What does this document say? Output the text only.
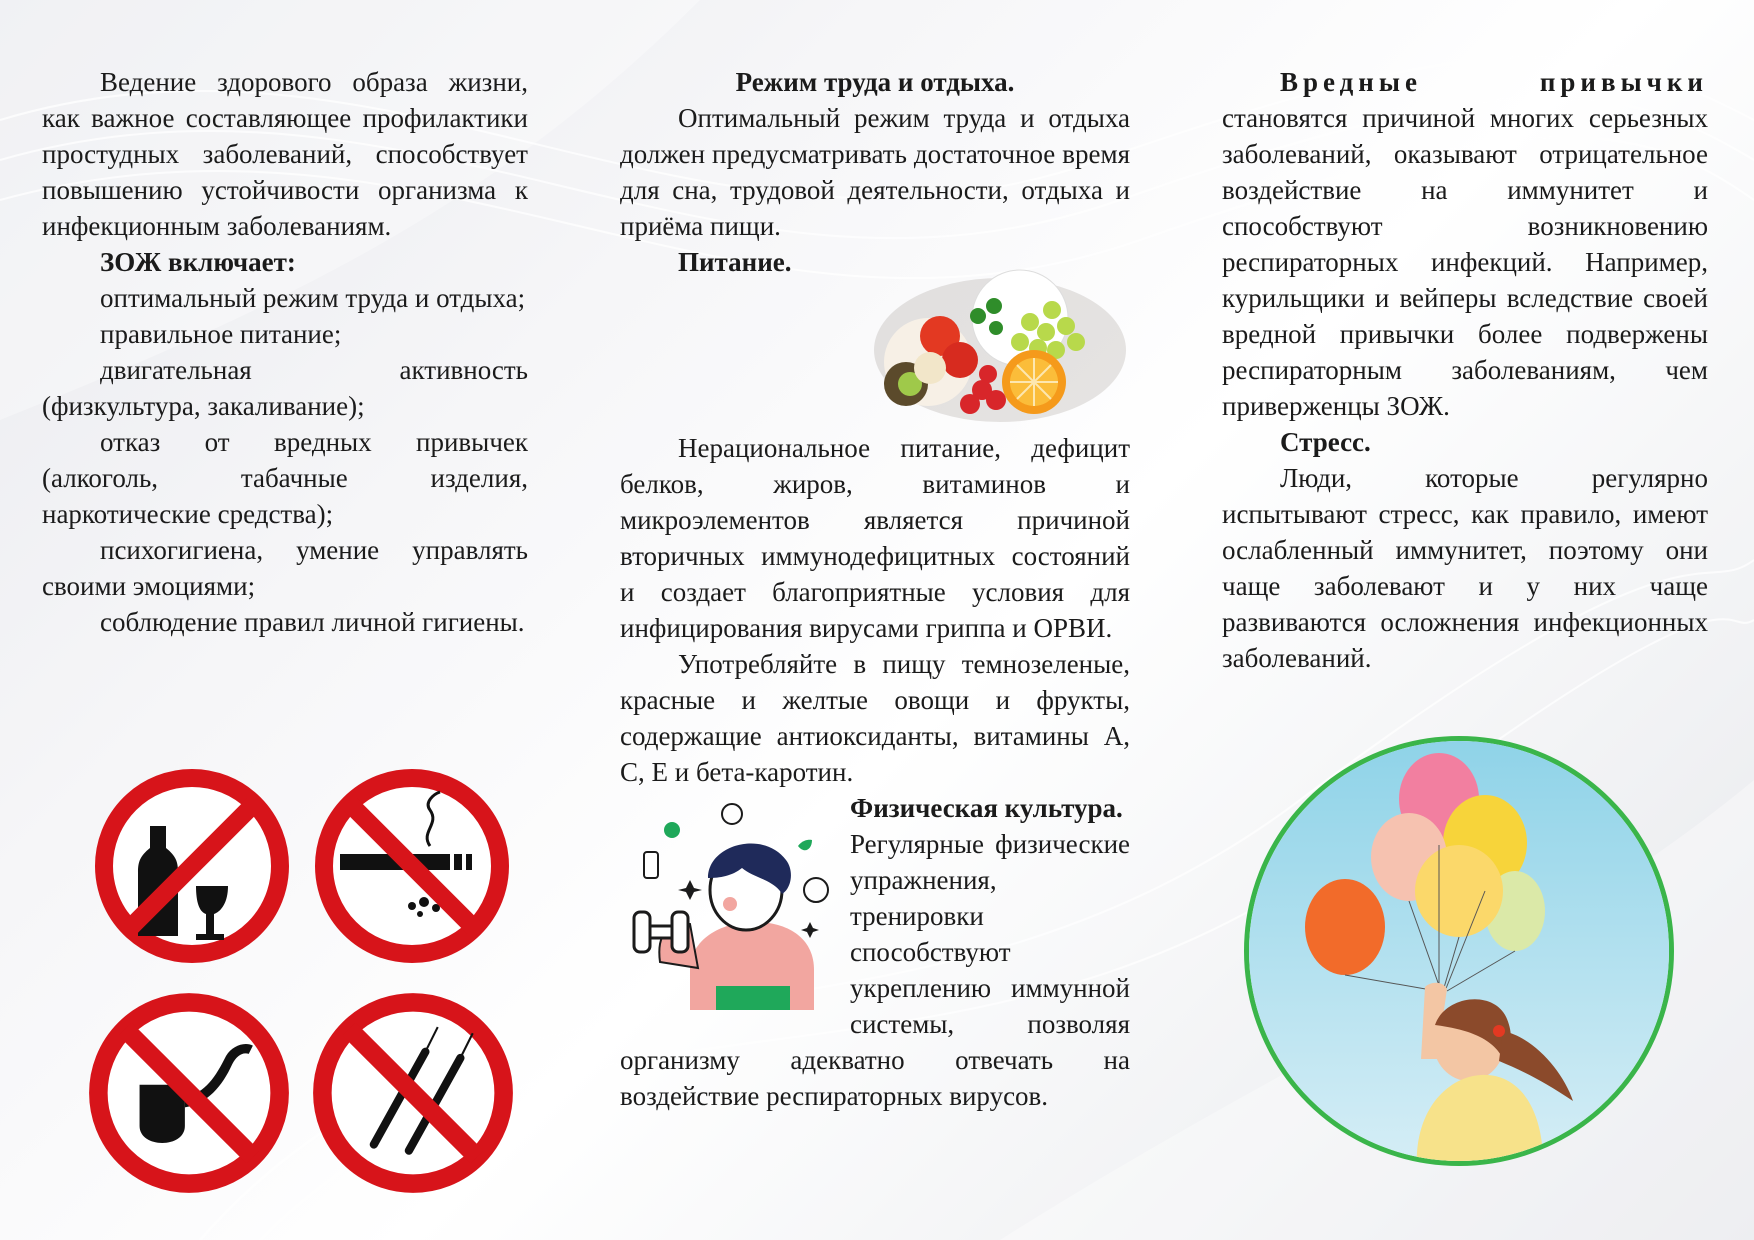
Ведение здорового образа жизни, как важное составляющее профилактики простудных заболеваний, способствует повышению устойчивости организма к инфекционным заболеваниям.

ЗОЖ включает:

оптимальный режим труда и отдыха;

правильное питание;

двигательная активность (физкультура, закаливание);

отказ от вредных привычек (алкоголь, табачные изделия, наркотические средства);

психогигиена, умение управлять своими эмоциями;

соблюдение правил личной гигиены.

Режим труда и отдыха.

Оптимальный режим труда и отдыха должен предусматривать достаточное время для сна, трудовой деятельности, отдыха и приёма пищи.

Питание.

Нерациональное питание, дефицит белков, жиров, витаминов и микроэлементов является причиной вторичных иммунодефицитных состояний и создает благоприятные условия для инфицирования вирусами гриппа и ОРВИ.

Употребляйте в пищу темнозеленые, красные и желтые овощи и фрукты, содержащие антиоксиданты, витамины А, С, Е и бета-каротин.

Физическая культура.

Регулярные физические упражнения, тренировки способствуют укреплению иммунной системы, позволяя организму адекватно отвечать на воздействие респираторных вирусов.

Вредные привычки становятся причиной многих серьезных заболеваний, оказывают отрицательное воздействие на иммунитет и способствуют возникновению респираторных инфекций. Например, курильщики и вейперы вследствие своей вредной привычки более подвержены респираторным заболеваниям, чем приверженцы ЗОЖ.

Стресс.

Люди, которые регулярно испытывают стресс, как правило, имеют ослабленный иммунитет, поэтому они чаще заболевают и у них чаще развиваются осложнения инфекционных заболеваний.
